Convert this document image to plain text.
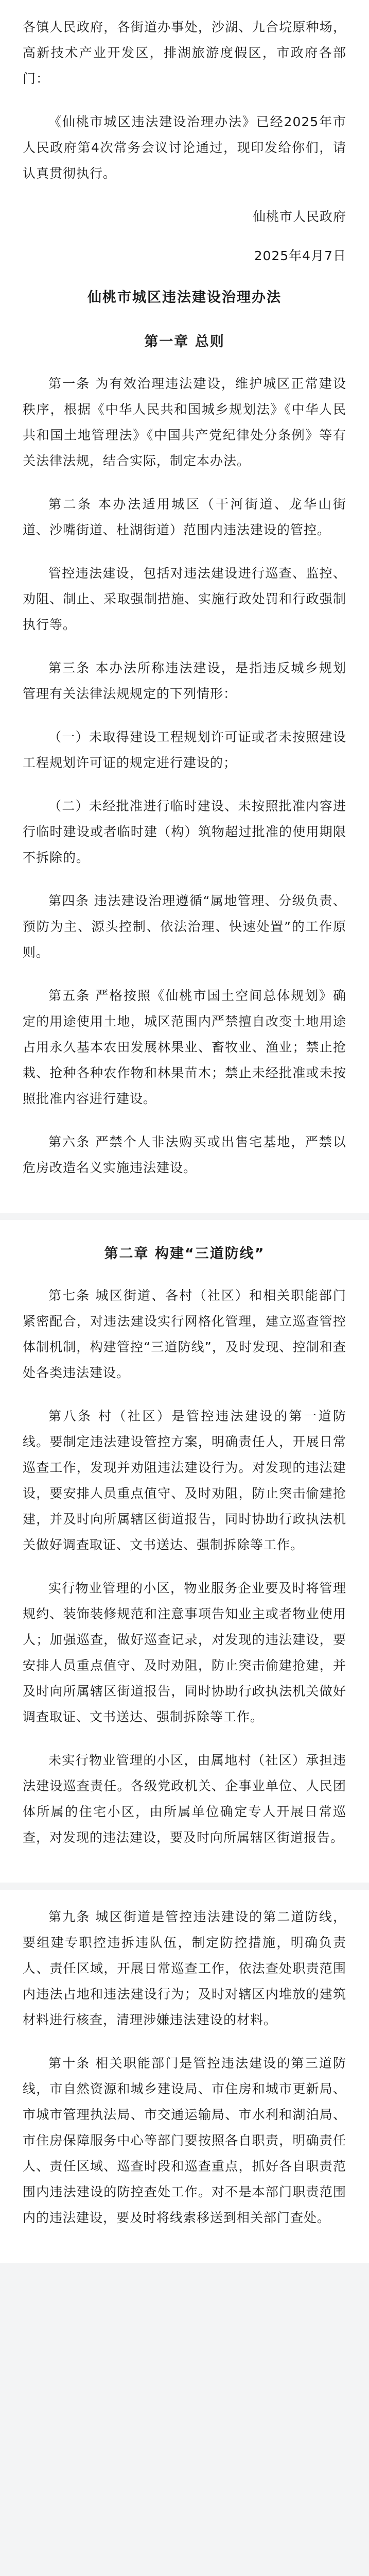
各镇人民政府，各街道办事处，沙湖、九合垸原种场，高新技术产业开发区，排湖旅游度假区，市政府各部门：

《仙桃市城区违法建设治理办法》已经2025年市人民政府第4次常务会议讨论通过，现印发给你们，请认真贯彻执行。

仙桃市人民政府

2025年4月7日

仙桃市城区违法建设治理办法

第一章 总则

第一条 为有效治理违法建设，维护城区正常建设秩序，根据《中华人民共和国城乡规划法》《中华人民共和国土地管理法》《中国共产党纪律处分条例》等有关法律法规，结合实际，制定本办法。

第二条 本办法适用城区（干河街道、龙华山街道、沙嘴街道、杜湖街道）范围内违法建设的管控。

管控违法建设，包括对违法建设进行巡查、监控、劝阻、制止、采取强制措施、实施行政处罚和行政强制执行等。

第三条 本办法所称违法建设，是指违反城乡规划管理有关法律法规规定的下列情形：

（一）未取得建设工程规划许可证或者未按照建设工程规划许可证的规定进行建设的；

（二）未经批准进行临时建设、未按照批准内容进行临时建设或者临时建（构）筑物超过批准的使用期限不拆除的。

第四条 违法建设治理遵循“属地管理、分级负责、预防为主、源头控制、依法治理、快速处置”的工作原则。

第五条 严格按照《仙桃市国土空间总体规划》确定的用途使用土地，城区范围内严禁擅自改变土地用途占用永久基本农田发展林果业、畜牧业、渔业；禁止抢栽、抢种各种农作物和林果苗木；禁止未经批准或未按照批准内容进行建设。

第六条 严禁个人非法购买或出售宅基地，严禁以危房改造名义实施违法建设。

第二章 构建“三道防线”

第七条 城区街道、各村（社区）和相关职能部门紧密配合，对违法建设实行网格化管理，建立巡查管控体制机制，构建管控“三道防线”，及时发现、控制和查处各类违法建设。

第八条 村（社区）是管控违法建设的第一道防线。要制定违法建设管控方案，明确责任人，开展日常巡查工作，发现并劝阻违法建设行为。对发现的违法建设，要安排人员重点值守、及时劝阻，防止突击偷建抢建，并及时向所属辖区街道报告，同时协助行政执法机关做好调查取证、文书送达、强制拆除等工作。

实行物业管理的小区，物业服务企业要及时将管理规约、装饰装修规范和注意事项告知业主或者物业使用人；加强巡查，做好巡查记录，对发现的违法建设，要安排人员重点值守、及时劝阻，防止突击偷建抢建，并及时向所属辖区街道报告，同时协助行政执法机关做好调查取证、文书送达、强制拆除等工作。

未实行物业管理的小区，由属地村（社区）承担违法建设巡查责任。各级党政机关、企事业单位、人民团体所属的住宅小区，由所属单位确定专人开展日常巡查，对发现的违法建设，要及时向所属辖区街道报告。

第九条 城区街道是管控违法建设的第二道防线，要组建专职控违拆违队伍，制定防控措施，明确负责人、责任区域，开展日常巡查工作，依法查处职责范围内违法占地和违法建设行为；及时对辖区内堆放的建筑材料进行核查，清理涉嫌违法建设的材料。

第十条 相关职能部门是管控违法建设的第三道防线，市自然资源和城乡建设局、市住房和城市更新局、市城市管理执法局、市交通运输局、市水利和湖泊局、市住房保障服务中心等部门要按照各自职责，明确责任人、责任区域、巡查时段和巡查重点，抓好各自职责范围内违法建设的防控查处工作。对不是本部门职责范围内的违法建设，要及时将线索移送到相关部门查处。
